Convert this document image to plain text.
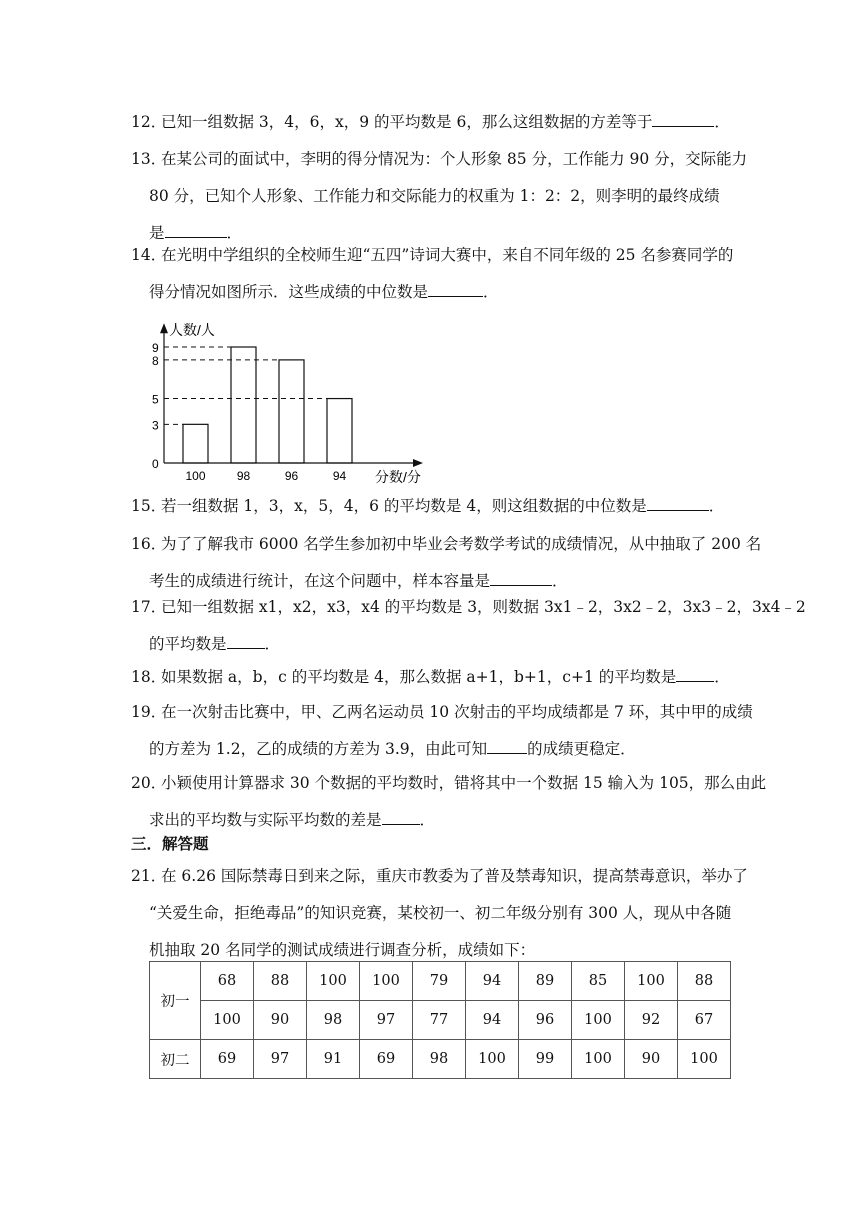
12．
已知一组数据 3，4，6，x，9 的平均数是 6，那么这组数据的方差等于	．
13．
在某公司的面试中，李明的得分情况为：个人形象 85 分，工作能力 90 分，交际能力
80 分，已知个人形象、工作能力和交际能力的权重为 1：2：2，则李明的最终成绩
是	．
14．
在光明中学组织的全校师生迎“五四”诗词大赛中，来自不同年级的 25 名参赛同学的
得分情况如图所示．这些成绩的中位数是	．
人数/人
分数/分
0
3
5
8
9
100	98	96	94
15．
若一组数据 1，3，x，5，4，6 的平均数是 4，则这组数据的中位数是	．
16．
为了了解我市 6000 名学生参加初中毕业会考数学考试的成绩情况，从中抽取了 200 名
考生的成绩进行统计，在这个问题中，样本容量是	．
17．
已知一组数据 x1，x2，x3，x4 的平均数是 3，则数据 3x1﹣2，3x2﹣2，3x3﹣2，3x4﹣2
的平均数是 ．
18．
如果数据 a，b，c 的平均数是 4，那么数据 a+1，b+1，c+1 的平均数是 ．
19．
在一次射击比赛中，甲、乙两名运动员 10 次射击的平均成绩都是 7 环，其中甲的成绩
的方差为 1.2，乙的成绩的方差为 3.9，由此可知	的成绩更稳定．
20．
小颖使用计算器求 30 个数据的平均数时，错将其中一个数据 15 输入为 105，那么由此
求出的平均数与实际平均数的差是 ．
三．解答题
21．
在 6.26 国际禁毒日到来之际，重庆市教委为了普及禁毒知识，提高禁毒意识，举办了
“关爱生命，拒绝毒品”的知识竞赛，某校初一、初二年级分别有 300 人，现从中各随
机抽取 20 名同学的测试成绩进行调查分析，成绩如下：
初一	68	88	100	100	79	94	89	85	100	88
	100	90	98	97	77	94	96	100	92	67
初二	69	97	91	69	98	100	99	100	90	100
